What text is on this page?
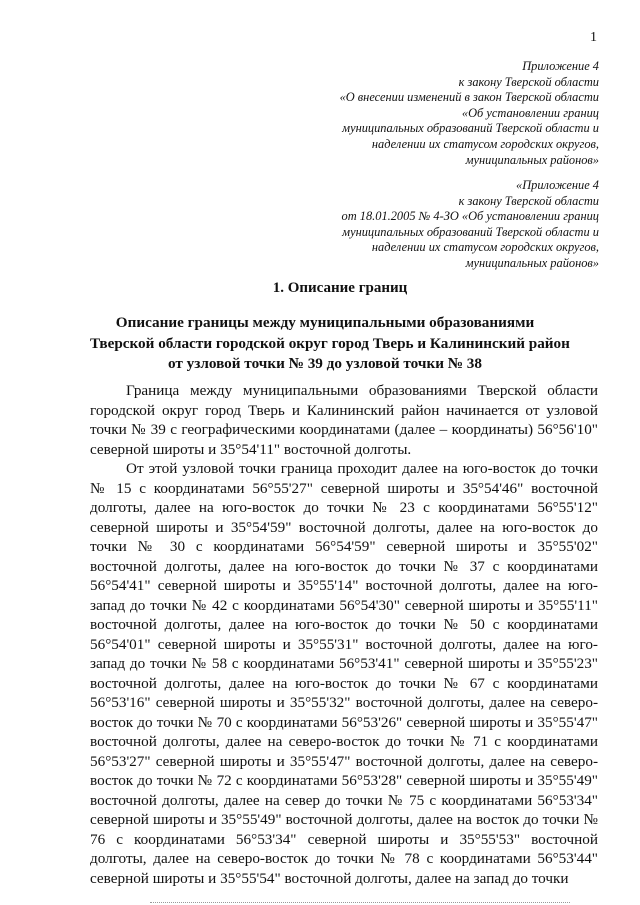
1
Приложение 4
к закону Тверской области
«О внесении изменений в закон Тверской области
«Об установлении границ
муниципальных образований Тверской области и
наделении их статусом городских округов,
муниципальных районов»
«Приложение 4
к закону Тверской области
от 18.01.2005 № 4-ЗО «Об установлении границ
муниципальных образований Тверской области и
наделении их статусом городских округов,
муниципальных районов»
1. Описание границ
Описание границы между муниципальными образованиями
Тверской области городской округ город Тверь и Калининский район
от узловой точки № 39 до узловой точки № 38

Граница между муниципальными образованиями Тверской области городской округ город Тверь и Калининский район начинается от узловой точки № 39 с географическими координатами (далее – координаты) 56°56'10" северной широты и 35°54'11" восточной долготы.

От этой узловой точки граница проходит далее на юго-восток до точки № 15 с координатами 56°55'27" северной широты и 35°54'46" восточной долготы, далее на юго-восток до точки № 23 с координатами 56°55'12" северной широты и 35°54'59" восточной долготы, далее на юго-восток до точки № 30 с координатами 56°54'59" северной широты и 35°55'02" восточной долготы, далее на юго-восток до точки № 37 с координатами 56°54'41" северной широты и 35°55'14" восточной долготы, далее на юго-запад до точки № 42 с координатами 56°54'30" северной широты и 35°55'11" восточной долготы, далее на юго-восток до точки № 50 с координатами 56°54'01" северной широты и 35°55'31" восточной долготы, далее на юго-запад до точки № 58 с координатами 56°53'41" северной широты и 35°55'23" восточной долготы, далее на юго-восток до точки № 67 с координатами 56°53'16" северной широты и 35°55'32" восточной долготы, далее на северо-восток до точки № 70 с координатами 56°53'26" северной широты и 35°55'47" восточной долготы, далее на северо-восток до точки № 71 с координатами 56°53'27" северной широты и 35°55'47" восточной долготы, далее на северо-восток до точки № 72 с координатами 56°53'28" северной широты и 35°55'49" восточной долготы, далее на север до точки № 75 с координатами 56°53'34" северной широты и 35°55'49" восточной долготы, далее на восток до точки № 76 с координатами 56°53'34" северной широты и 35°55'53" восточной долготы, далее на северо-восток до точки № 78 с координатами 56°53'44" северной широты и 35°55'54" восточной долготы, далее на запад до точки
